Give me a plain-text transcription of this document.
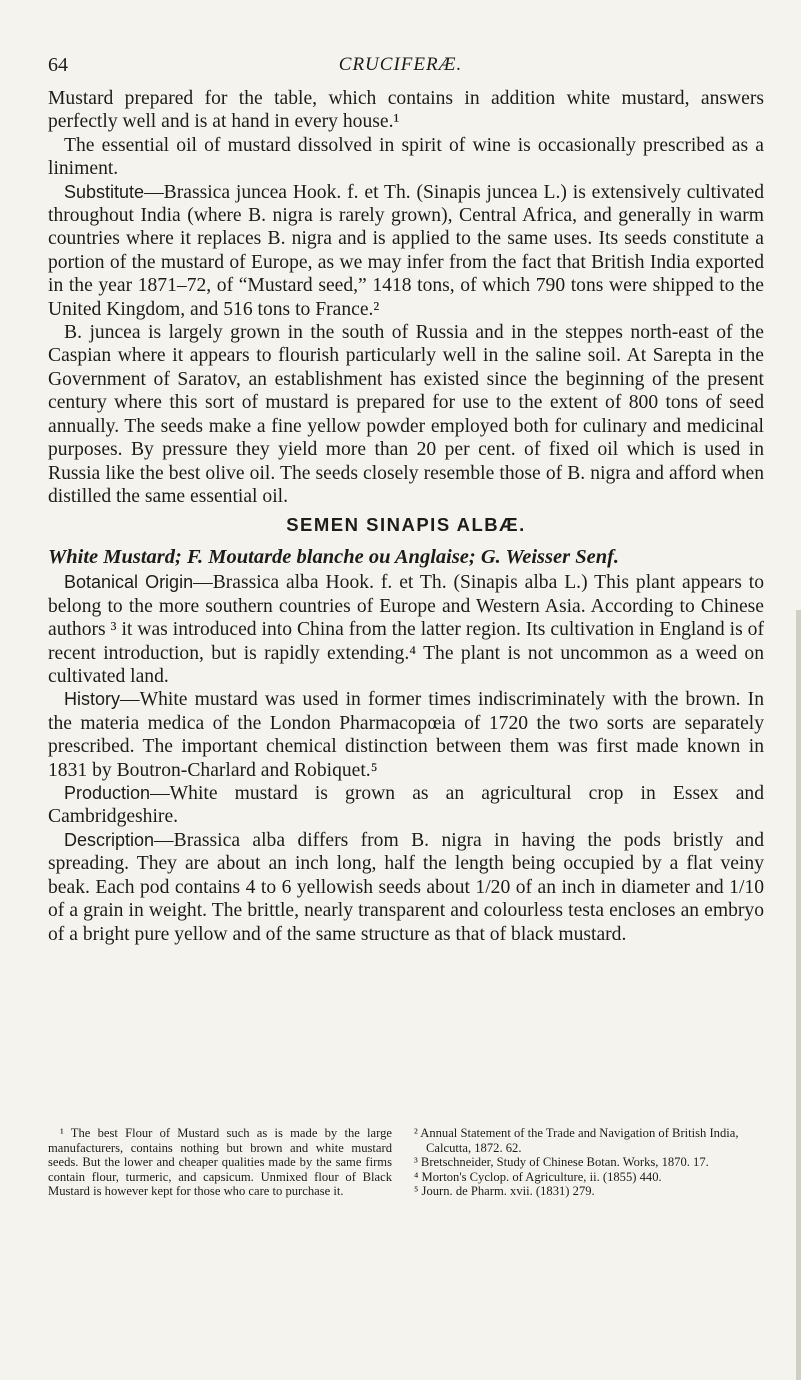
64	CRUCIFERÆ.

Mustard prepared for the table, which contains in addition white mustard, answers perfectly well and is at hand in every house.¹

The essential oil of mustard dissolved in spirit of wine is occasionally prescribed as a liniment.

Substitute—Brassica juncea Hook. f. et Th. (Sinapis juncea L.) is extensively cultivated throughout India (where B. nigra is rarely grown), Central Africa, and generally in warm countries where it replaces B. nigra and is applied to the same uses. Its seeds constitute a portion of the mustard of Europe, as we may infer from the fact that British India exported in the year 1871–72, of “Mustard seed,” 1418 tons, of which 790 tons were shipped to the United Kingdom, and 516 tons to France.²

B. juncea is largely grown in the south of Russia and in the steppes north-east of the Caspian where it appears to flourish particularly well in the saline soil. At Sarepta in the Government of Saratov, an establishment has existed since the beginning of the present century where this sort of mustard is prepared for use to the extent of 800 tons of seed annually. The seeds make a fine yellow powder employed both for culinary and medicinal purposes. By pressure they yield more than 20 per cent. of fixed oil which is used in Russia like the best olive oil. The seeds closely resemble those of B. nigra and afford when distilled the same essential oil.

SEMEN SINAPIS ALBÆ.

White Mustard; F. Moutarde blanche ou Anglaise; G. Weisser Senf.

Botanical Origin—Brassica alba Hook. f. et Th. (Sinapis alba L.) This plant appears to belong to the more southern countries of Europe and Western Asia. According to Chinese authors ³ it was introduced into China from the latter region. Its cultivation in England is of recent introduction, but is rapidly extending.⁴ The plant is not uncommon as a weed on cultivated land.

History—White mustard was used in former times indiscriminately with the brown. In the materia medica of the London Pharmacopœia of 1720 the two sorts are separately prescribed. The important chemical distinction between them was first made known in 1831 by Boutron-Charlard and Robiquet.⁵

Production—White mustard is grown as an agricultural crop in Essex and Cambridgeshire.

Description—Brassica alba differs from B. nigra in having the pods bristly and spreading. They are about an inch long, half the length being occupied by a flat veiny beak. Each pod contains 4 to 6 yellowish seeds about 1/20 of an inch in diameter and 1/10 of a grain in weight. The brittle, nearly transparent and colourless testa encloses an embryo of a bright pure yellow and of the same structure as that of black mustard.

¹ The best Flour of Mustard such as is made by the large manufacturers, contains nothing but brown and white mustard seeds. But the lower and cheaper qualities made by the same firms contain flour, turmeric, and capsicum. Unmixed flour of Black Mustard is however kept for those who care to purchase it.

² Annual Statement of the Trade and Navigation of British India, Calcutta, 1872. 62.

³ Bretschneider, Study of Chinese Botan. Works, 1870. 17.

⁴ Morton's Cyclop. of Agriculture, ii. (1855) 440.

⁵ Journ. de Pharm. xvii. (1831) 279.
